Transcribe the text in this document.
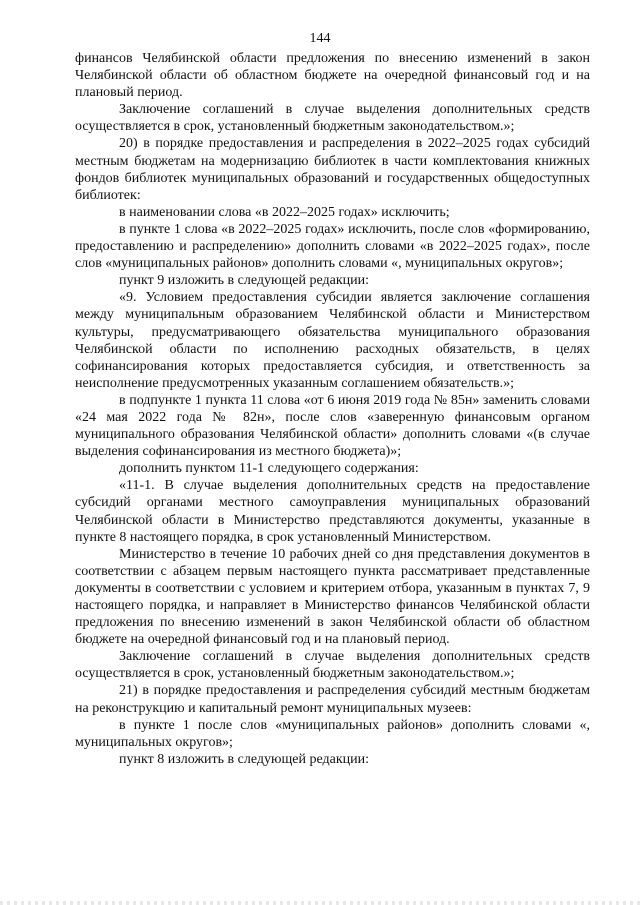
144

финансов Челябинской области предложения по внесению изменений в закон Челябинской области об областном бюджете на очередной финансовый год и на плановый период.

Заключение соглашений в случае выделения дополнительных средств осуществляется в срок, установленный бюджетным законодательством.»;

20) в порядке предоставления и распределения в 2022–2025 годах субсидий местным бюджетам на модернизацию библиотек в части комплектования книжных фондов библиотек муниципальных образований и государственных общедоступных библиотек:

в наименовании слова «в 2022–2025 годах» исключить;

в пункте 1 слова «в 2022–2025 годах» исключить, после слов «формированию, предоставлению и распределению» дополнить словами «в 2022–2025 годах», после слов «муниципальных районов» дополнить словами «, муниципальных округов»;

пункт 9 изложить в следующей редакции:

«9. Условием предоставления субсидии является заключение соглашения между муниципальным образованием Челябинской области и Министерством культуры, предусматривающего обязательства муниципального образования Челябинской области по исполнению расходных обязательств, в целях софинансирования которых предоставляется субсидия, и ответственность за неисполнение предусмотренных указанным соглашением обязательств.»;

в подпункте 1 пункта 11 слова «от 6 июня 2019 года № 85н» заменить словами «24 мая 2022 года № 82н», после слов «заверенную финансовым органом муниципального образования Челябинской области» дополнить словами «(в случае выделения софинансирования из местного бюджета)»;

дополнить пунктом 11-1 следующего содержания:

«11-1. В случае выделения дополнительных средств на предоставление субсидий органами местного самоуправления муниципальных образований Челябинской области в Министерство представляются документы, указанные в пункте 8 настоящего порядка, в срок установленный Министерством.

Министерство в течение 10 рабочих дней со дня представления документов в соответствии с абзацем первым настоящего пункта рассматривает представленные документы в соответствии с условием и критерием отбора, указанным в пунктах 7, 9 настоящего порядка, и направляет в Министерство финансов Челябинской области предложения по внесению изменений в закон Челябинской области об областном бюджете на очередной финансовый год и на плановый период.

Заключение соглашений в случае выделения дополнительных средств осуществляется в срок, установленный бюджетным законодательством.»;

21) в порядке предоставления и распределения субсидий местным бюджетам на реконструкцию и капитальный ремонт муниципальных музеев:

в пункте 1 после слов «муниципальных районов» дополнить словами «, муниципальных округов»;

пункт 8 изложить в следующей редакции:
